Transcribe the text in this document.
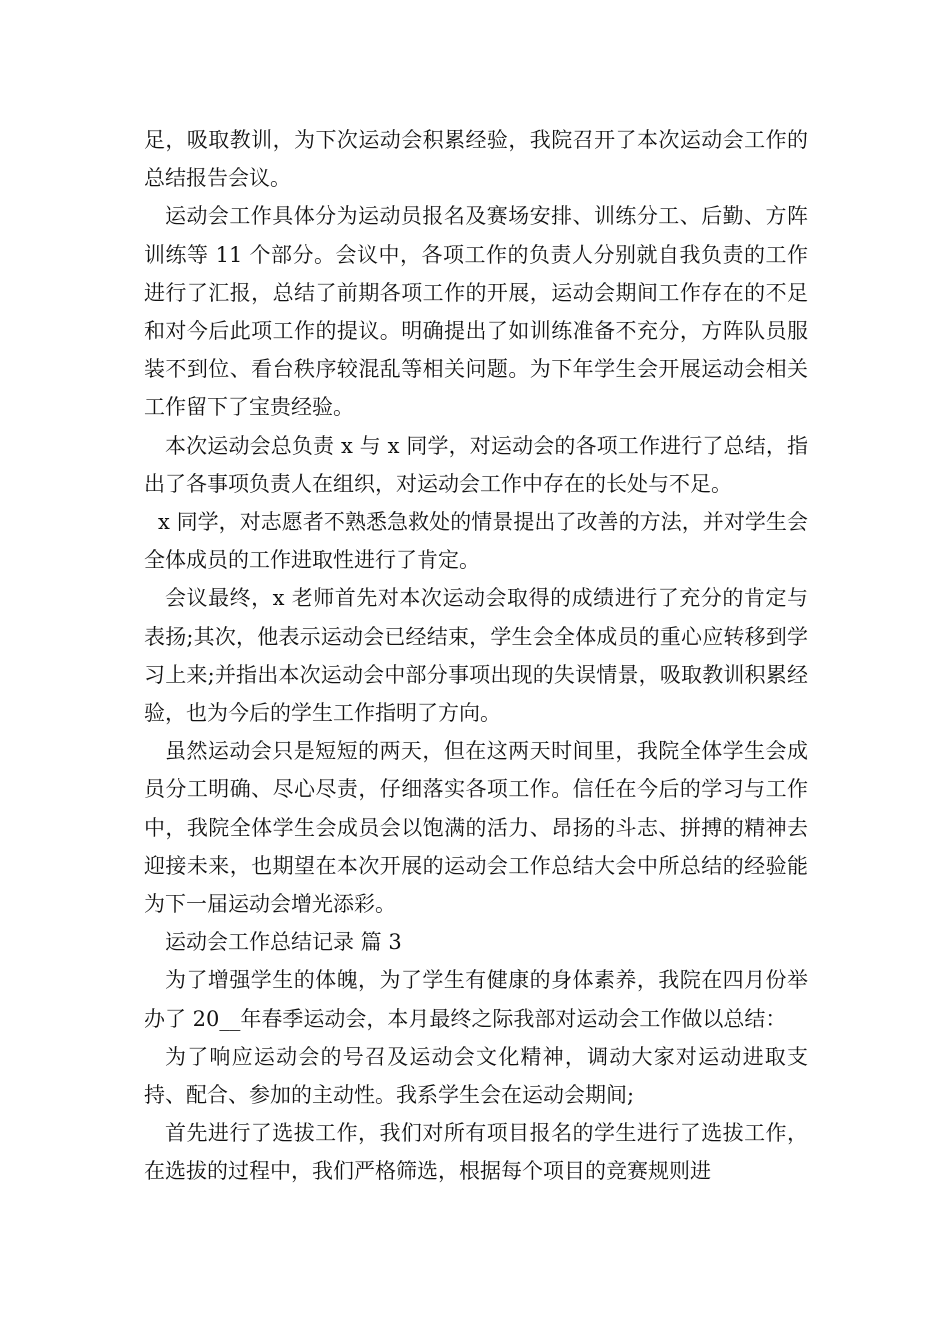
足，吸取教训，为下次运动会积累经验，我院召开了本次运动会工作的总结报告会议。

运动会工作具体分为运动员报名及赛场安排、训练分工、后勤、方阵训练等 11 个部分。会议中，各项工作的负责人分别就自我负责的工作进行了汇报，总结了前期各项工作的开展，运动会期间工作存在的不足和对今后此项工作的提议。明确提出了如训练准备不充分，方阵队员服装不到位、看台秩序较混乱等相关问题。为下年学生会开展运动会相关工作留下了宝贵经验。

本次运动会总负责 x 与 x 同学，对运动会的各项工作进行了总结，指出了各事项负责人在组织，对运动会工作中存在的长处与不足。

x 同学，对志愿者不熟悉急救处的情景提出了改善的方法，并对学生会全体成员的工作进取性进行了肯定。

会议最终，x 老师首先对本次运动会取得的成绩进行了充分的肯定与表扬;其次，他表示运动会已经结束，学生会全体成员的重心应转移到学习上来;并指出本次运动会中部分事项出现的失误情景，吸取教训积累经验，也为今后的学生工作指明了方向。

虽然运动会只是短短的两天，但在这两天时间里，我院全体学生会成员分工明确、尽心尽责，仔细落实各项工作。信任在今后的学习与工作中，我院全体学生会成员会以饱满的活力、昂扬的斗志、拼搏的精神去迎接未来，也期望在本次开展的运动会工作总结大会中所总结的经验能为下一届运动会增光添彩。

运动会工作总结记录 篇 3

为了增强学生的体魄，为了学生有健康的身体素养，我院在四月份举办了 20__年春季运动会，本月最终之际我部对运动会工作做以总结：

为了响应运动会的号召及运动会文化精神，调动大家对运动进取支持、配合、参加的主动性。我系学生会在运动会期间;

首先进行了选拔工作，我们对所有项目报名的学生进行了选拔工作，在选拔的过程中，我们严格筛选，根据每个项目的竞赛规则进
